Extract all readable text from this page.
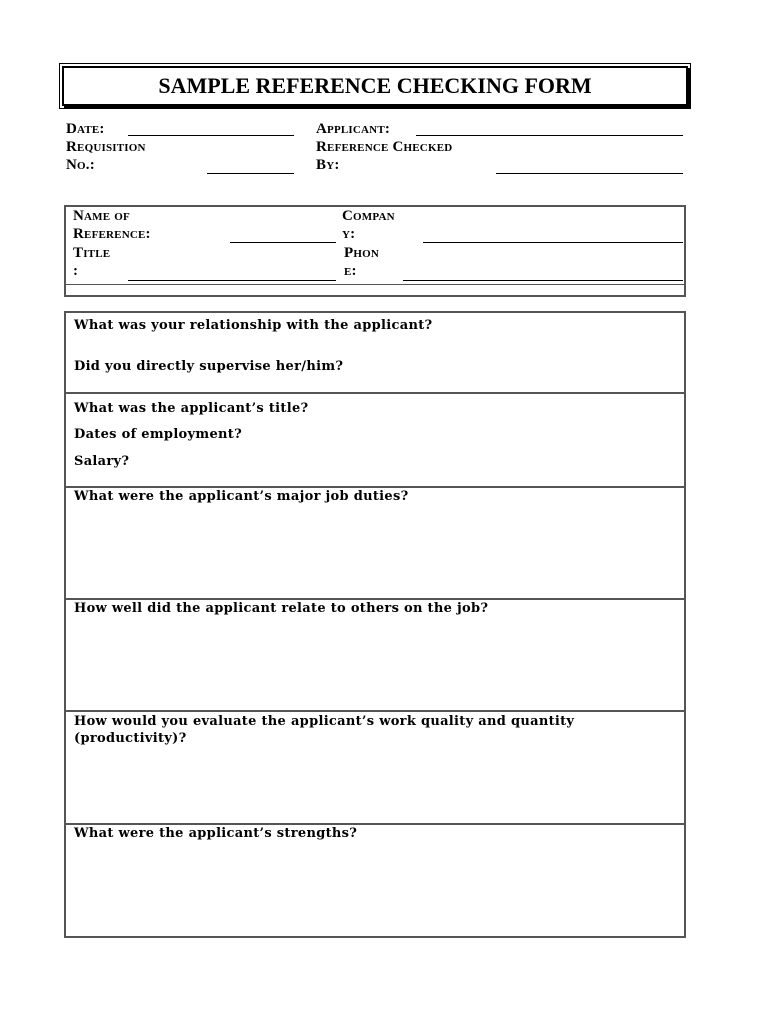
SAMPLE REFERENCE CHECKING FORM
Date:
Requisition
No.:
Applicant:
Reference Checked
By:
Name of
Reference:
Title
:
Compan
y:
Phon
e:
What was your relationship with the applicant?
Did you directly supervise her/him?
What was the applicant’s title?
Dates of employment?
Salary?
What were the applicant’s major job duties?
How well did the applicant relate to others on the job?
How would you evaluate the applicant’s work quality and quantity
(productivity)?
What were the applicant’s strengths?
